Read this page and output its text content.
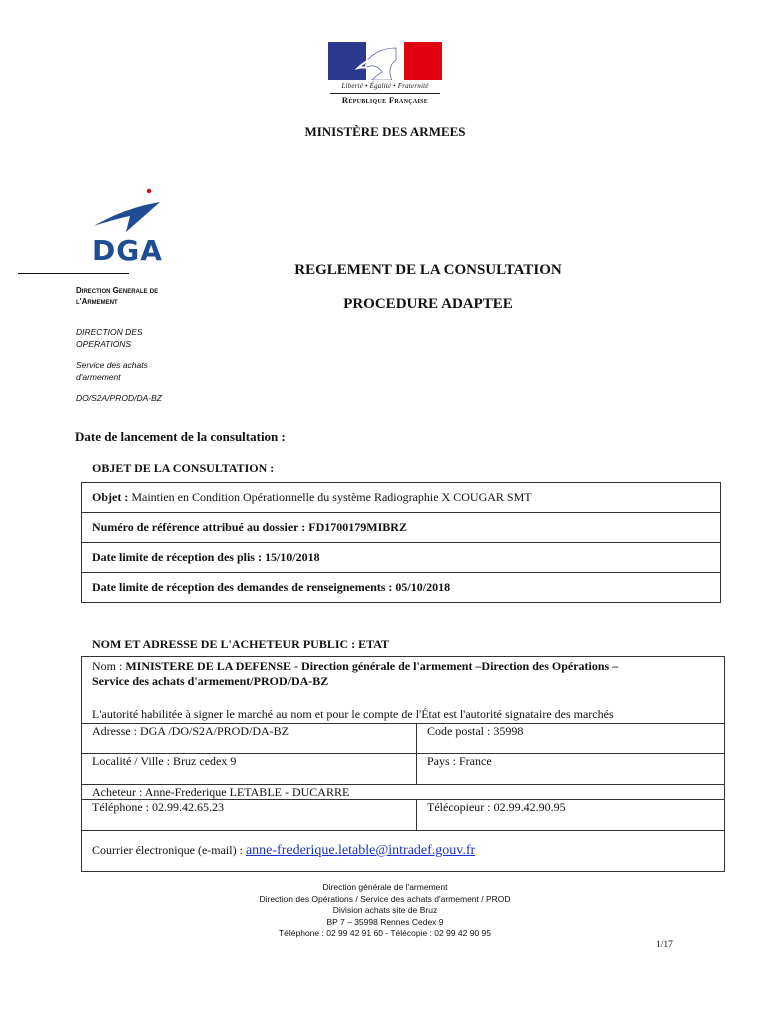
Liberté • Égalité • Fraternité
République Française
MINISTÈRE DES ARMEES
DGA
Direction Generale de
l'Armement
DIRECTION DES
OPERATIONS
Service des achats
d'armement
DO/S2A/PROD/DA-BZ
REGLEMENT DE LA CONSULTATION
PROCEDURE ADAPTEE
Date de lancement de la consultation :
OBJET DE LA CONSULTATION :
Objet : Maintien en Condition Opérationnelle du système Radiographie X COUGAR SMT
Numéro de référence attribué au dossier : FD1700179MIBRZ
Date limite de réception des plis : 15/10/2018
Date limite de réception des demandes de renseignements : 05/10/2018
NOM ET ADRESSE DE L'ACHETEUR PUBLIC : ETAT
Nom : MINISTERE DE LA DEFENSE - Direction générale de l'armement –Direction des Opérations –
Service des achats d'armement/PROD/DA-BZ
L'autorité habilitée à signer le marché au nom et pour le compte de l'État est l'autorité signataire des marchés	

Adresse : DGA /DO/S2A/PROD/DA-BZ	Code postal : 35998
Localité / Ville : Bruz cedex 9	Pays : France
Acheteur : Anne-Frederique LETABLE - DUCARRE	
Téléphone : 02.99.42.65.23	Télécopieur : 02.99.42.90.95
Courrier électronique (e-mail) : anne-frederique.letable@intradef.gouv.fr	
Direction générale de l'armement
Direction des Opérations / Service des achats d'armement / PROD
Division achats site de Bruz
BP 7 – 35998 Rennes Cedex 9
Téléphone : 02 99 42 91 60 - Télécopie : 02 99 42 90 95
1/17
